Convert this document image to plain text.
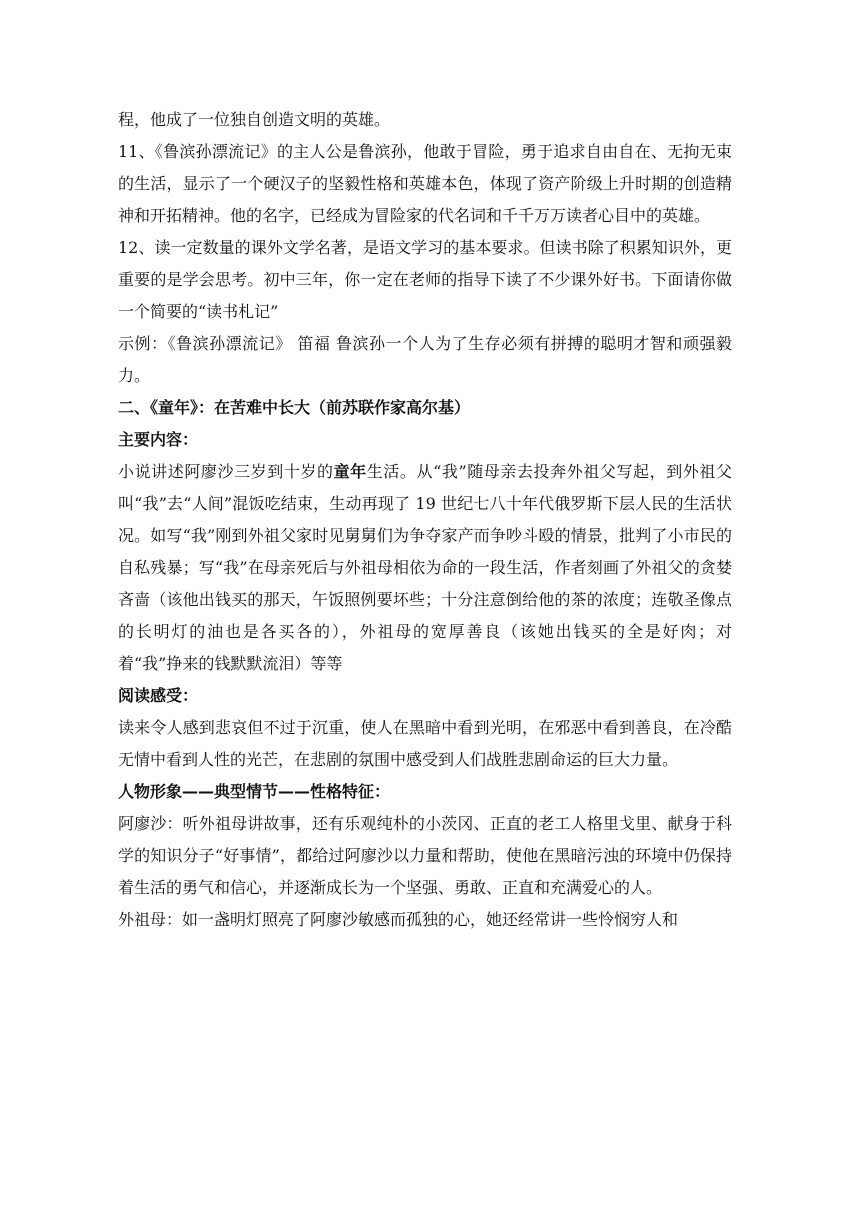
程，他成了一位独自创造文明的英雄。

11、《鲁滨孙漂流记》的主人公是鲁滨孙，他敢于冒险，勇于追求自由自在、无拘无束的生活，显示了一个硬汉子的坚毅性格和英雄本色，体现了资产阶级上升时期的创造精神和开拓精神。他的名字，已经成为冒险家的代名词和千千万万读者心目中的英雄。

12、读一定数量的课外文学名著，是语文学习的基本要求。但读书除了积累知识外，更重要的是学会思考。初中三年，你一定在老师的指导下读了不少课外好书。下面请你做一个简要的“读书札记”

示例：《鲁滨孙漂流记》 笛福 鲁滨孙一个人为了生存必须有拼搏的聪明才智和顽强毅力。

二、《童年》：在苦难中长大（前苏联作家高尔基）

主要内容：

小说讲述阿廖沙三岁到十岁的童年生活。从“我”随母亲去投奔外祖父写起，到外祖父叫“我”去“人间”混饭吃结束，生动再现了 19 世纪七八十年代俄罗斯下层人民的生活状况。如写“我”刚到外祖父家时见舅舅们为争夺家产而争吵斗殴的情景，批判了小市民的自私残暴；写“我”在母亲死后与外祖母相依为命的一段生活，作者刻画了外祖父的贪婪吝啬（该他出钱买的那天，午饭照例要坏些；十分注意倒给他的茶的浓度；连敬圣像点的长明灯的油也是各买各的），外祖母的宽厚善良（该她出钱买的全是好肉；对着“我”挣来的钱默默流泪）等等

阅读感受：

读来令人感到悲哀但不过于沉重，使人在黑暗中看到光明，在邪恶中看到善良，在冷酷无情中看到人性的光芒，在悲剧的氛围中感受到人们战胜悲剧命运的巨大力量。

人物形象——典型情节——性格特征：

阿廖沙：听外祖母讲故事，还有乐观纯朴的小茨冈、正直的老工人格里戈里、献身于科学的知识分子“好事情”，都给过阿廖沙以力量和帮助，使他在黑暗污浊的环境中仍保持着生活的勇气和信心，并逐渐成长为一个坚强、勇敢、正直和充满爱心的人。

外祖母：如一盏明灯照亮了阿廖沙敏感而孤独的心，她还经常讲一些怜悯穷人和
